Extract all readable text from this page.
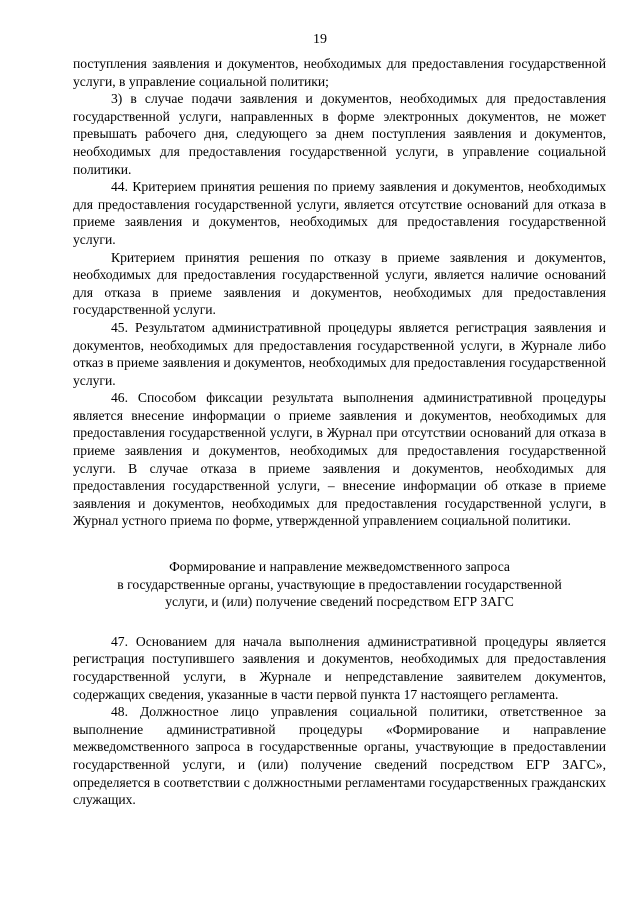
19

поступления заявления и документов, необходимых для предоставления государственной услуги, в управление социальной политики;

3) в случае подачи заявления и документов, необходимых для предоставления государственной услуги, направленных в форме электронных документов, не может превышать рабочего дня, следующего за днем поступления заявления и документов, необходимых для предоставления государственной услуги, в управление социальной политики.

44. Критерием принятия решения по приему заявления и документов, необходимых для предоставления государственной услуги, является отсутствие оснований для отказа в приеме заявления и документов, необходимых для предоставления государственной услуги.

Критерием принятия решения по отказу в приеме заявления и документов, необходимых для предоставления государственной услуги, является наличие оснований для отказа в приеме заявления и документов, необходимых для предоставления государственной услуги.

45. Результатом административной процедуры является регистрация заявления и документов, необходимых для предоставления государственной услуги, в Журнале либо отказ в приеме заявления и документов, необходимых для предоставления государственной услуги.

46. Способом фиксации результата выполнения административной процедуры является внесение информации о приеме заявления и документов, необходимых для предоставления государственной услуги, в Журнал при отсутствии оснований для отказа в приеме заявления и документов, необходимых для предоставления государственной услуги. В случае отказа в приеме заявления и документов, необходимых для предоставления государственной услуги, – внесение информации об отказе в приеме заявления и документов, необходимых для предоставления государственной услуги, в Журнал устного приема по форме, утвержденной управлением социальной политики.

Формирование и направление межведомственного запроса
в государственные органы, участвующие в предоставлении государственной
услуги, и (или) получение сведений посредством ЕГР ЗАГС

47. Основанием для начала выполнения административной процедуры является регистрация поступившего заявления и документов, необходимых для предоставления государственной услуги, в Журнале и непредставление заявителем документов, содержащих сведения, указанные в части первой пункта 17 настоящего регламента.

48. Должностное лицо управления социальной политики, ответственное за выполнение административной процедуры «Формирование и направление межведомственного запроса в государственные органы, участвующие в предоставлении государственной услуги, и (или) получение сведений посредством ЕГР ЗАГС», определяется в соответствии с должностными регламентами государственных гражданских служащих.
